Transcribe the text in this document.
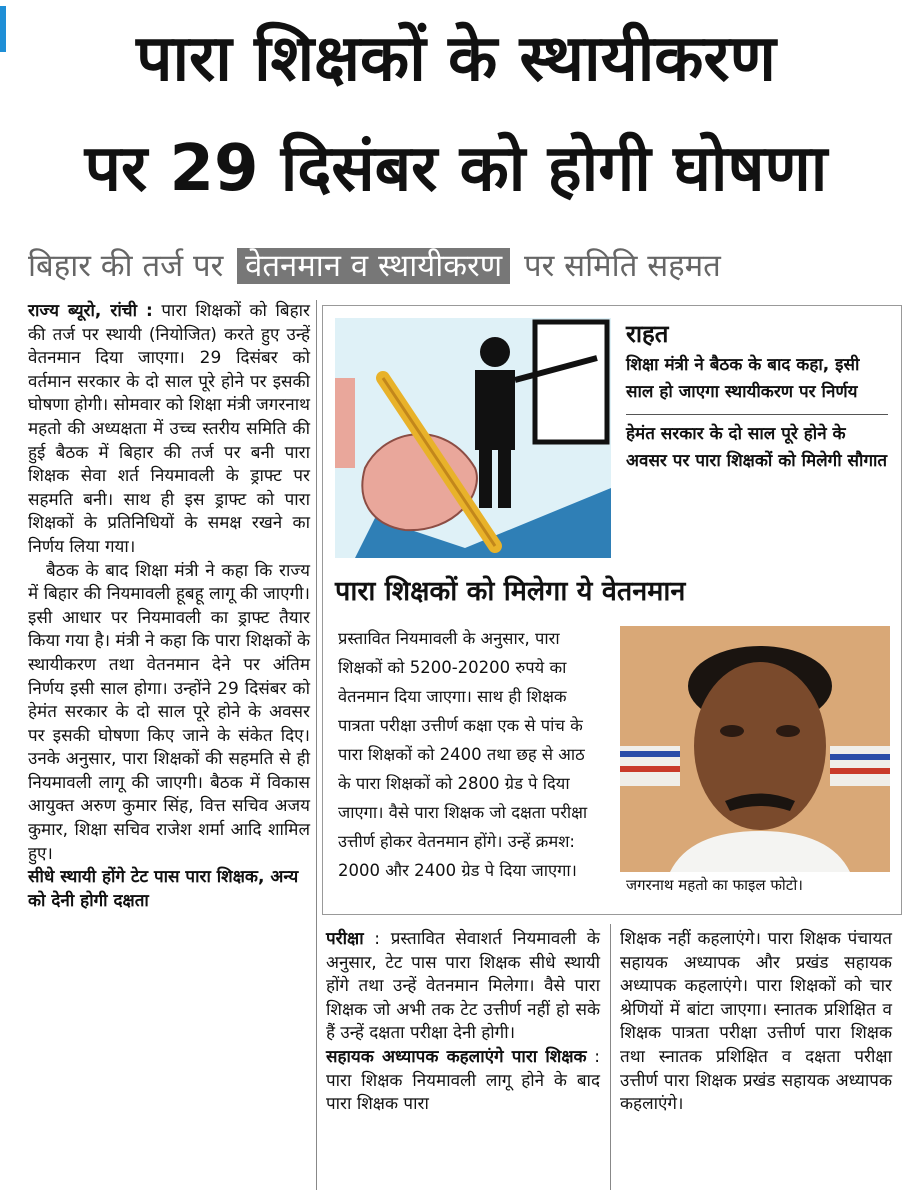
पारा शिक्षकों के स्थायीकरण
पर 29 दिसंबर को होगी घोषणा
बिहार की तर्ज पर वेतनमान व स्थायीकरण पर समिति सहमत

राज्य ब्यूरो, रांची : पारा शिक्षकों को बिहार की तर्ज पर स्थायी (नियोजित) करते हुए उन्हें वेतनमान दिया जाएगा। 29 दिसंबर को वर्तमान सरकार के दो साल पूरे होने पर इसकी घोषणा होगी। सोमवार को शिक्षा मंत्री जगरनाथ महतो की अध्यक्षता में उच्च स्तरीय समिति की हुई बैठक में बिहार की तर्ज पर बनी पारा शिक्षक सेवा शर्त नियमावली के ड्राफ्ट पर सहमति बनी। साथ ही इस ड्राफ्ट को पारा शिक्षकों के प्रतिनिधियों के समक्ष रखने का निर्णय लिया गया।

बैठक के बाद शिक्षा मंत्री ने कहा कि राज्य में बिहार की नियमावली हूबहू लागू की जाएगी। इसी आधार पर नियमावली का ड्राफ्ट तैयार किया गया है। मंत्री ने कहा कि पारा शिक्षकों के स्थायीकरण तथा वेतनमान देने पर अंतिम निर्णय इसी साल होगा। उन्होंने 29 दिसंबर को हेमंत सरकार के दो साल पूरे होने के अवसर पर इसकी घोषणा किए जाने के संकेत दिए। उनके अनुसार, पारा शिक्षकों की सहमति से ही नियमावली लागू की जाएगी। बैठक में विकास आयुक्त अरुण कुमार सिंह, वित्त सचिव अजय कुमार, शिक्षा सचिव राजेश शर्मा आदि शामिल हुए।

सीधे स्थायी होंगे टेट पास पारा शिक्षक, अन्य को देनी होगी दक्षता

राहत

शिक्षा मंत्री ने बैठक के बाद कहा, इसी साल हो जाएगा स्थायीकरण पर निर्णय

हेमंत सरकार के दो साल पूरे होने के अवसर पर पारा शिक्षकों को मिलेगी सौगात

पारा शिक्षकों को मिलेगा ये वेतनमान
प्रस्तावित नियमावली के अनुसार, पारा शिक्षकों को 5200-20200 रुपये का वेतनमान दिया जाएगा। साथ ही शिक्षक पात्रता परीक्षा उत्तीर्ण कक्षा एक से पांच के पारा शिक्षकों को 2400 तथा छह से आठ के पारा शिक्षकों को 2800 ग्रेड पे दिया जाएगा। वैसे पारा शिक्षक जो दक्षता परीक्षा उत्तीर्ण होकर वेतनमान होंगे। उन्हें क्रमश: 2000 और 2400 ग्रेड पे दिया जाएगा।
जगरनाथ महतो का फाइल फोटो।

परीक्षा : प्रस्तावित सेवाशर्त नियमावली के अनुसार, टेट पास पारा शिक्षक सीधे स्थायी होंगे तथा उन्हें वेतनमान मिलेगा। वैसे पारा शिक्षक जो अभी तक टेट उत्तीर्ण नहीं हो सके हैं उन्हें दक्षता परीक्षा देनी होगी।

सहायक अध्यापक कहलाएंगे पारा शिक्षक : पारा शिक्षक नियमावली लागू होने के बाद पारा शिक्षक पारा

शिक्षक नहीं कहलाएंगे। पारा शिक्षक पंचायत सहायक अध्यापक और प्रखंड सहायक अध्यापक कहलाएंगे। पारा शिक्षकों को चार श्रेणियों में बांटा जाएगा। स्नातक प्रशिक्षित व शिक्षक पात्रता परीक्षा उत्तीर्ण पारा शिक्षक तथा स्नातक प्रशिक्षित व दक्षता परीक्षा उत्तीर्ण पारा शिक्षक प्रखंड सहायक अध्यापक कहलाएंगे।
